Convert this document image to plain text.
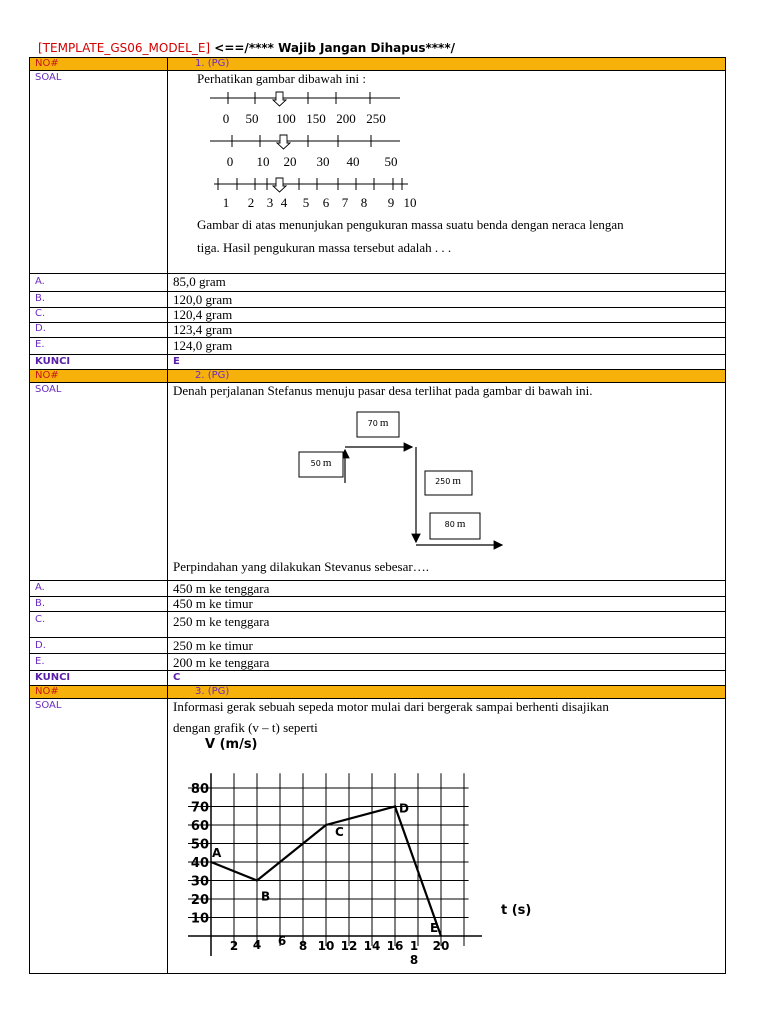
[TEMPLATE_GS06_MODEL_E] <==/**** Wajib Jangan Dihapus****/
NO#	1. (PG)
SOAL	Perhatikan gambar dibawah ini :
0 50 100 150 200 250
0 10 20 30 40 50
1 2 3 4 5 6 7 8 9 10
Gambar di atas menunjukan pengukuran massa suatu benda dengan neraca lengan
tiga. Hasil pengukuran massa tersebut adalah . . .
A.	85,0 gram
B.	120,0 gram
C.	120,4 gram
D.	123,4 gram
E.	124,0 gram
KUNCI	E
NO#	2. (PG)
SOAL	Denah perjalanan Stefanus menuju pasar desa terlihat pada gambar di bawah ini.
70 m
50 m
250 m
80 m
Perpindahan yang dilakukan Stevanus sebesar….
A.	450 m ke tenggara
B.	450 m ke timur
C.	250 m ke tenggara
D.	250 m ke timur
E.	200 m ke tenggara
KUNCI	C
NO#	3. (PG)
SOAL	Informasi gerak sebuah sepeda motor mulai dari bergerak sampai berhenti disajikan
dengan grafik (v – t) seperti
V (m/s)
t (s)
80
70
60
50
40
30
20
10
2 4 6 8 10 12 14 16 1 20
8
A
B
C
D
E
